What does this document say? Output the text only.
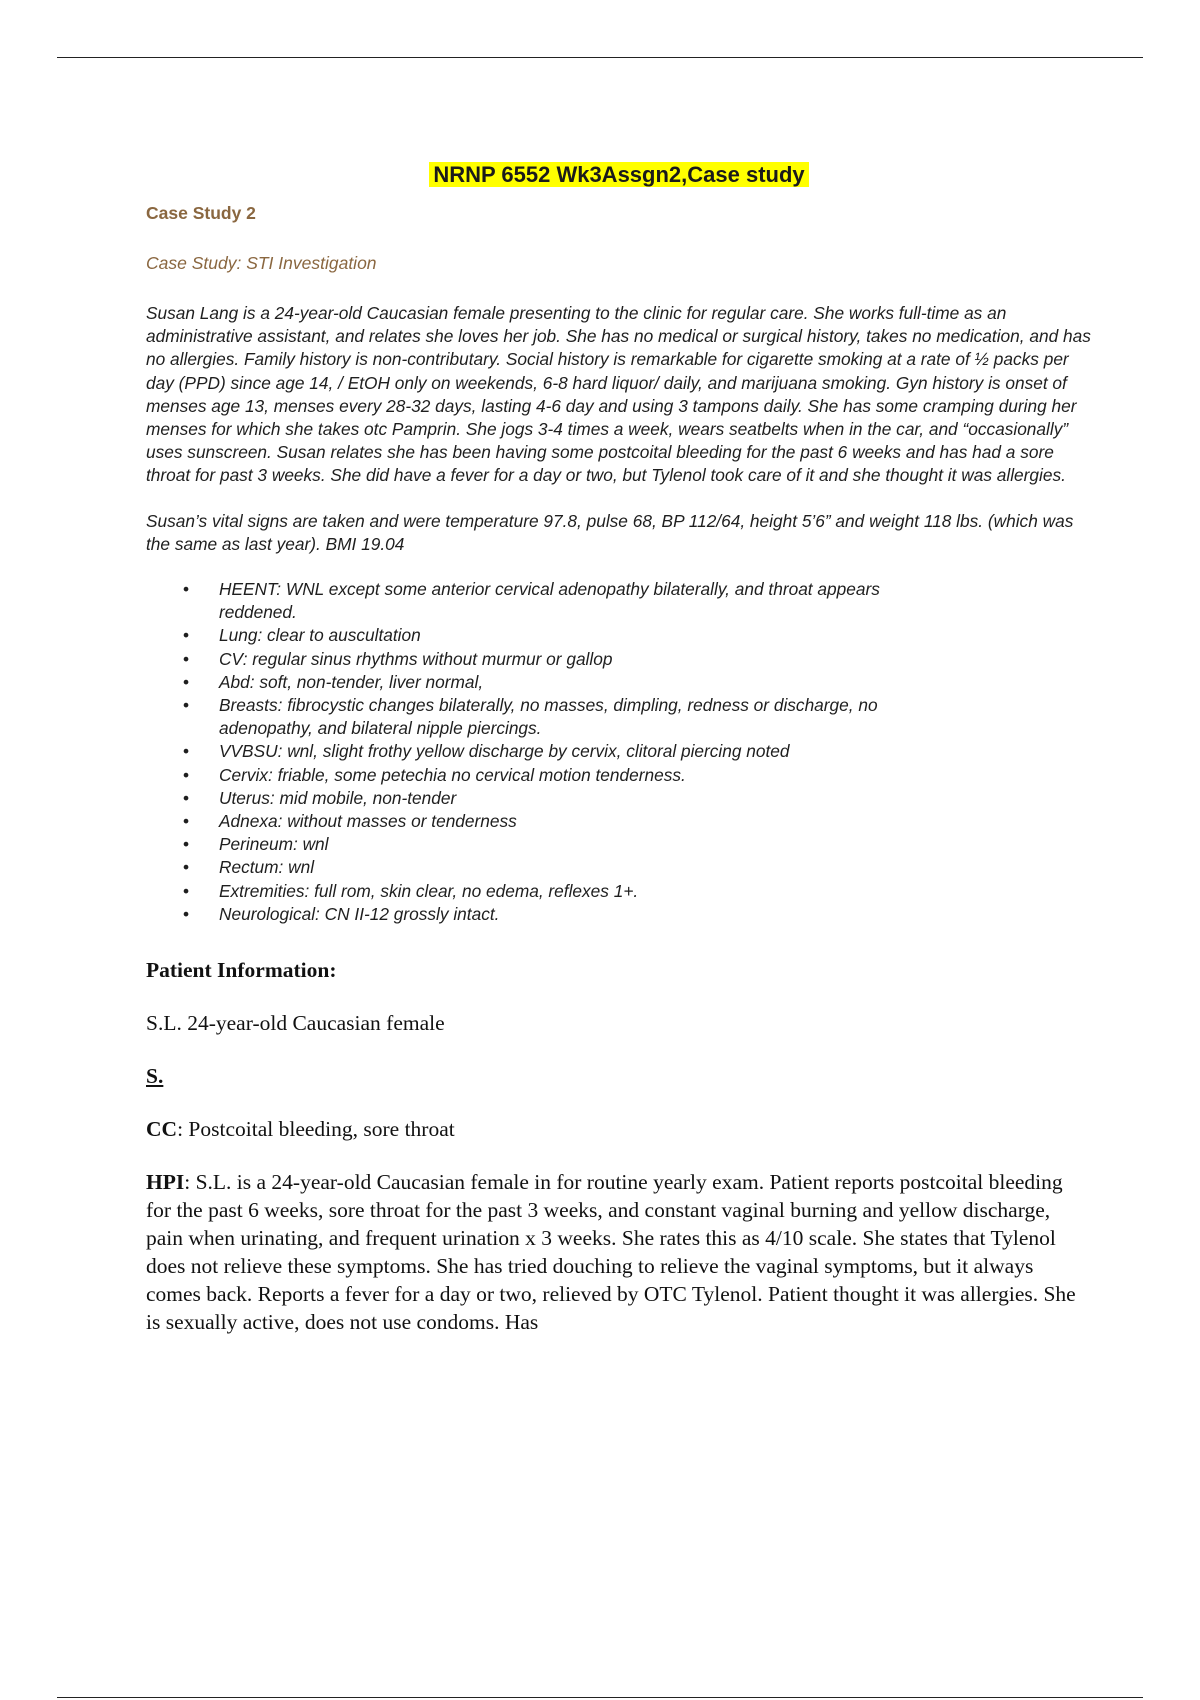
NRNP 6552 Wk3Assgn2,Case study
Case Study 2
Case Study: STI Investigation

Susan Lang is a 24-year-old Caucasian female presenting to the clinic for regular care. She works full-time as an administrative assistant, and relates she loves her job. She has no medical or surgical history, takes no medication, and has no allergies. Family history is non-contributary. Social history is remarkable for cigarette smoking at a rate of ½ packs per day (PPD) since age 14, / EtOH only on weekends, 6-8 hard liquor/ daily, and marijuana smoking. Gyn history is onset of menses age 13, menses every 28-32 days, lasting 4-6 day and using 3 tampons daily. She has some cramping during her menses for which she takes otc Pamprin. She jogs 3-4 times a week, wears seatbelts when in the car, and “occasionally” uses sunscreen. Susan relates she has been having some postcoital bleeding for the past 6 weeks and has had a sore throat for past 3 weeks. She did have a fever for a day or two, but Tylenol took care of it and she thought it was allergies.

Susan’s vital signs are taken and were temperature 97.8, pulse 68, BP 112/64, height 5’6” and weight 118 lbs. (which was the same as last year). BMI 19.04

• HEENT: WNL except some anterior cervical adenopathy bilaterally, and throat appears reddened.
• Lung: clear to auscultation
• CV: regular sinus rhythms without murmur or gallop
• Abd: soft, non-tender, liver normal,
• Breasts: fibrocystic changes bilaterally, no masses, dimpling, redness or discharge, no adenopathy, and bilateral nipple piercings.
• VVBSU: wnl, slight frothy yellow discharge by cervix, clitoral piercing noted
• Cervix: friable, some petechia no cervical motion tenderness.
• Uterus: mid mobile, non-tender
• Adnexa: without masses or tenderness
• Perineum: wnl
• Rectum: wnl
• Extremities: full rom, skin clear, no edema, reflexes 1+.
• Neurological: CN II-12 grossly intact.
Patient Information:
S.L. 24-year-old Caucasian female
S.
CC: Postcoital bleeding, sore throat
HPI: S.L. is a 24-year-old Caucasian female in for routine yearly exam. Patient reports postcoital bleeding for the past 6 weeks, sore throat for the past 3 weeks, and constant vaginal burning and yellow discharge, pain when urinating, and frequent urination x 3 weeks. She rates this as 4/10 scale. She states that Tylenol does not relieve these symptoms. She has tried douching to relieve the vaginal symptoms, but it always comes back. Reports a fever for a day or two, relieved by OTC Tylenol. Patient thought it was allergies. She is sexually active, does not use condoms. Has
